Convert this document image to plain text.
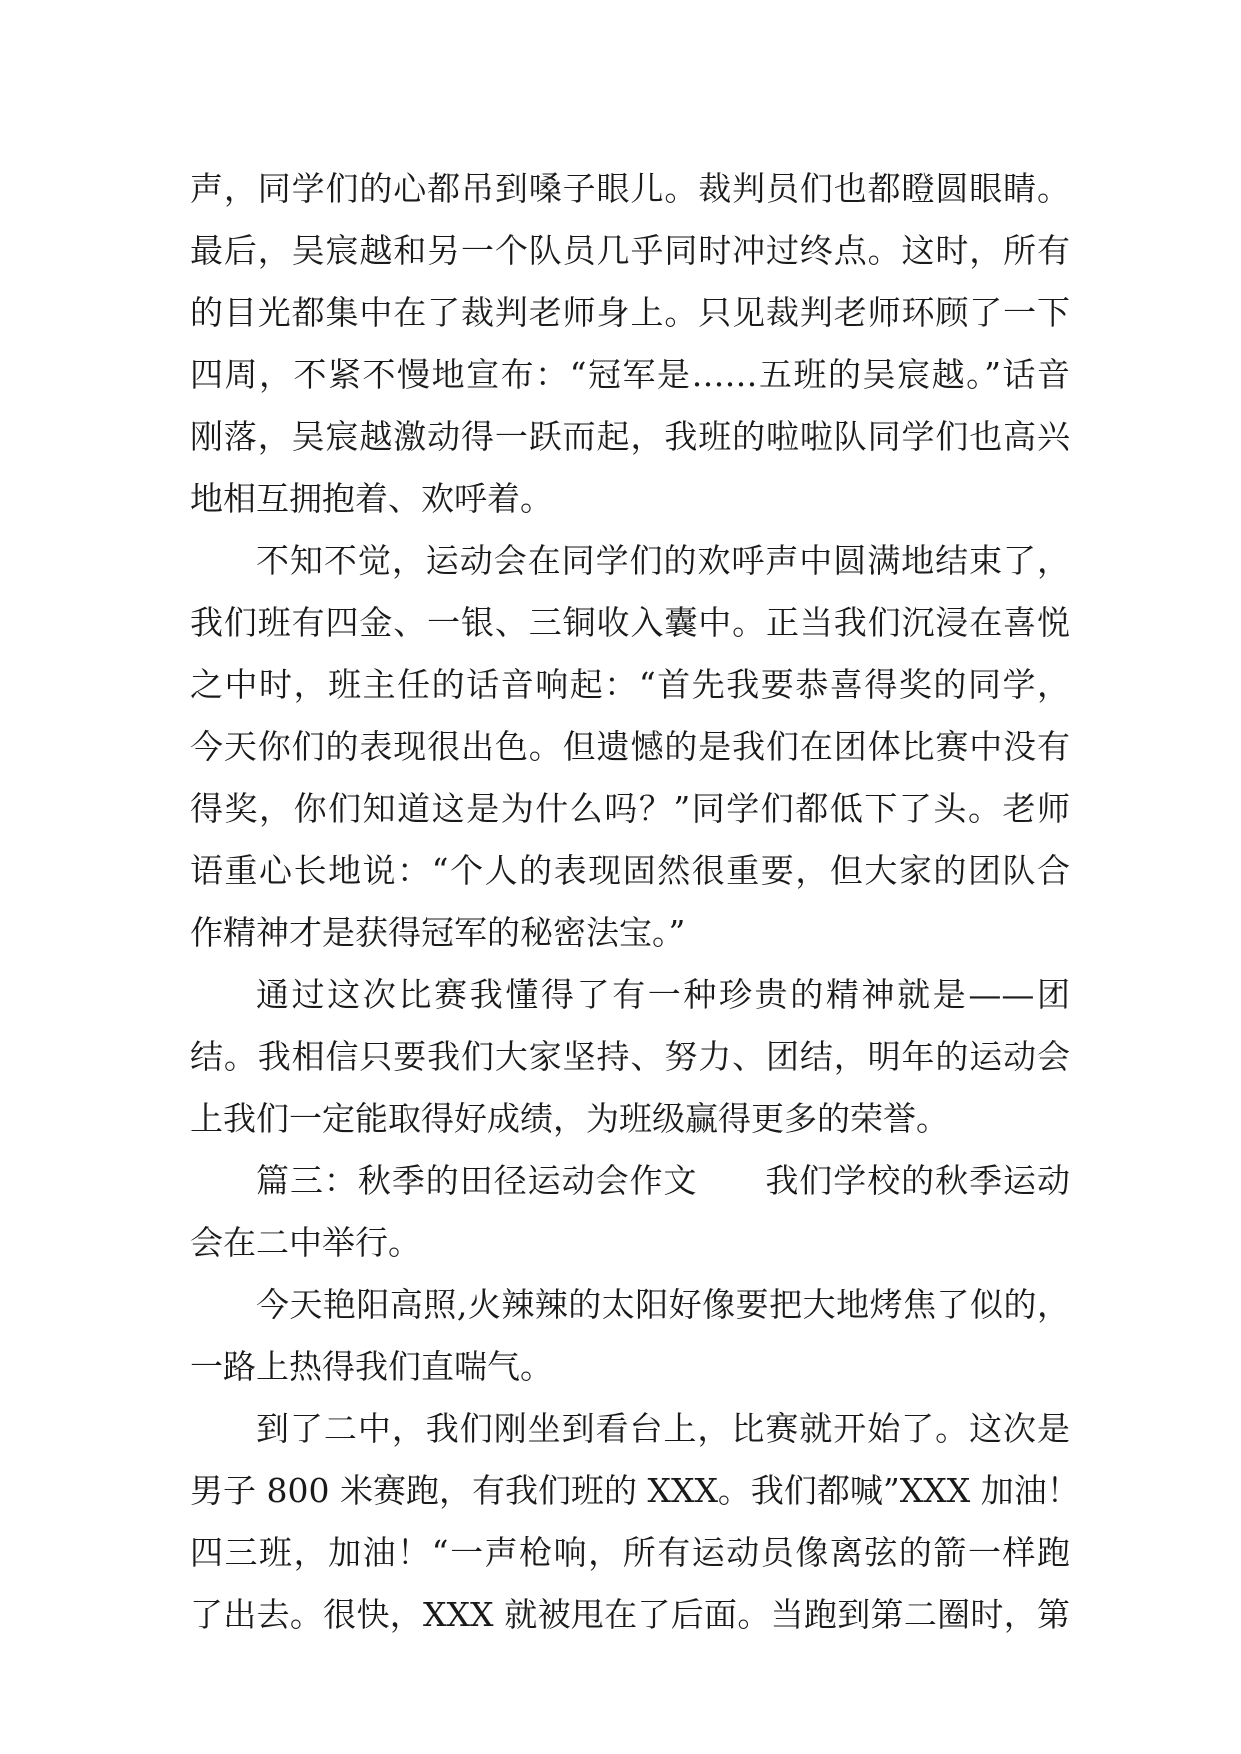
声，同学们的心都吊到嗓子眼儿。裁判员们也都瞪圆眼睛。
最后，吴宸越和另一个队员几乎同时冲过终点。这时，所有
的目光都集中在了裁判老师身上。只见裁判老师环顾了一下
四周，不紧不慢地宣布：“冠军是……五班的吴宸越。”话音
刚落，吴宸越激动得一跃而起，我班的啦啦队同学们也高兴
地相互拥抱着、欢呼着。
不知不觉，运动会在同学们的欢呼声中圆满地结束了，
我们班有四金、一银、三铜收入囊中。正当我们沉浸在喜悦
之中时，班主任的话音响起：“首先我要恭喜得奖的同学，
今天你们的表现很出色。但遗憾的是我们在团体比赛中没有
得奖，你们知道这是为什么吗？”同学们都低下了头。老师
语重心长地说：“个人的表现固然很重要，但大家的团队合
作精神才是获得冠军的秘密法宝。”
通过这次比赛我懂得了有一种珍贵的精神就是——团
结。我相信只要我们大家坚持、努力、团结，明年的运动会
上我们一定能取得好成绩，为班级赢得更多的荣誉。
篇三：秋季的田径运动会作文　　我们学校的秋季运动
会在二中举行。
今天艳阳高照,火辣辣的太阳好像要把大地烤焦了似的，
一路上热得我们直喘气。
到了二中，我们刚坐到看台上，比赛就开始了。这次是
男子 800 米赛跑，有我们班的 XXX。我们都喊”XXX 加油！
四三班，加油！“一声枪响，所有运动员像离弦的箭一样跑
了出去。很快，XXX 就被甩在了后面。当跑到第二圈时，第
